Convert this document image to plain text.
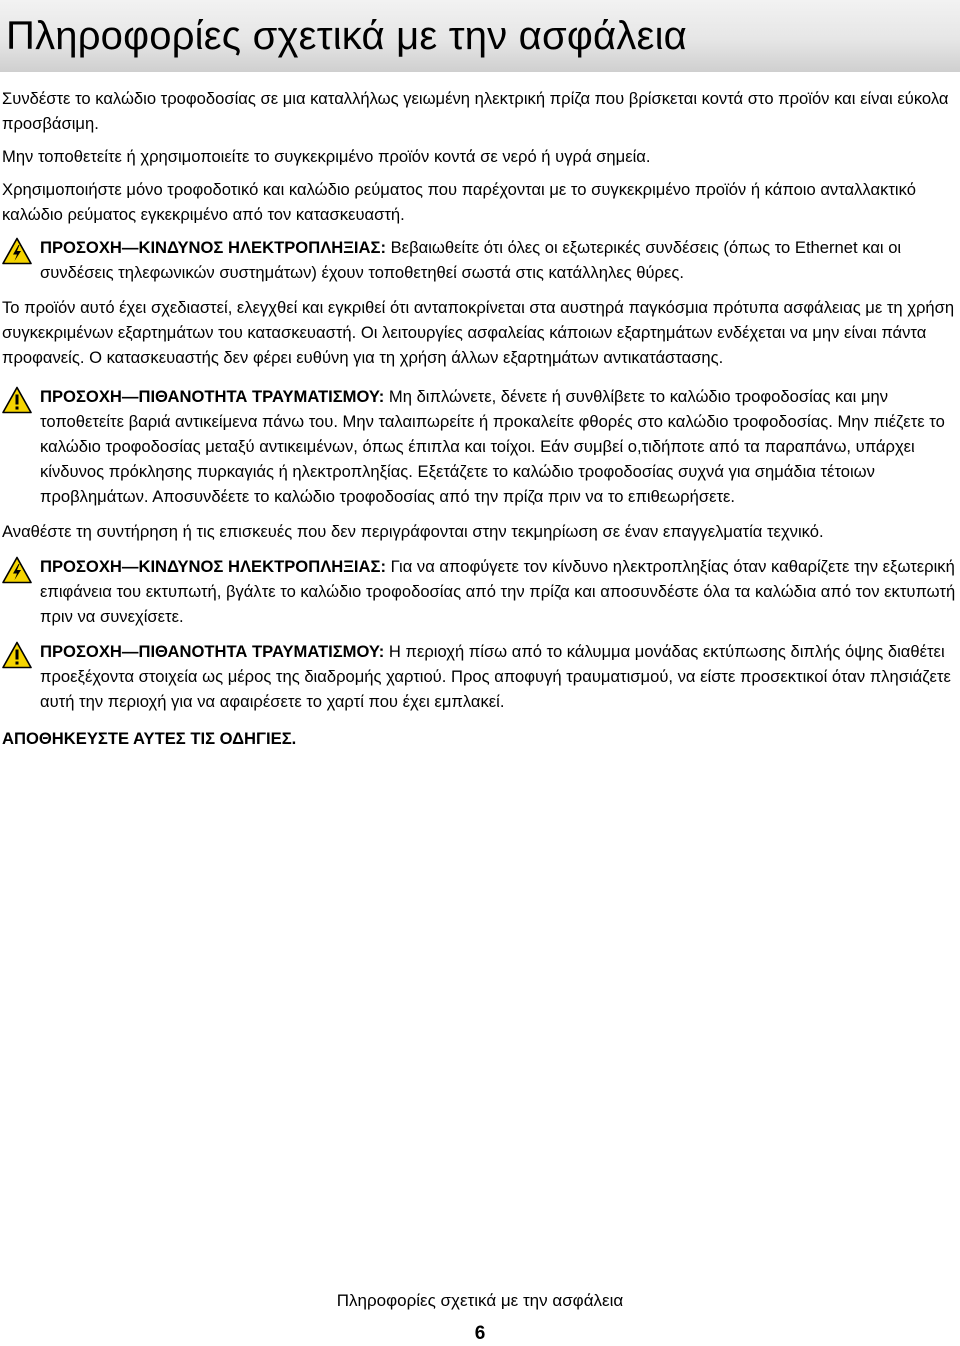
Πληροφορίες σχετικά με την ασφάλεια

Συνδέστε το καλώδιο τροφοδοσίας σε μια καταλλήλως γειωμένη ηλεκτρική πρίζα που βρίσκεται κοντά στο προϊόν και είναι εύκολα προσβάσιμη.

Μην τοποθετείτε ή χρησιμοποιείτε το συγκεκριμένο προϊόν κοντά σε νερό ή υγρά σημεία.

Χρησιμοποιήστε μόνο τροφοδοτικό και καλώδιο ρεύματος που παρέχονται με το συγκεκριμένο προϊόν ή κάποιο ανταλλακτικό καλώδιο ρεύματος εγκεκριμένο από τον κατασκευαστή.

ΠΡΟΣΟΧΗ—ΚΙΝΔΥΝΟΣ ΗΛΕΚΤΡΟΠΛΗΞΙΑΣ: Βεβαιωθείτε ότι όλες οι εξωτερικές συνδέσεις (όπως το Ethernet και οι συνδέσεις τηλεφωνικών συστημάτων) έχουν τοποθετηθεί σωστά στις κατάλληλες θύρες.

Το προϊόν αυτό έχει σχεδιαστεί, ελεγχθεί και εγκριθεί ότι ανταποκρίνεται στα αυστηρά παγκόσμια πρότυπα ασφάλειας με τη χρήση συγκεκριμένων εξαρτημάτων του κατασκευαστή. Οι λειτουργίες ασφαλείας κάποιων εξαρτημάτων ενδέχεται να μην είναι πάντα προφανείς. Ο κατασκευαστής δεν φέρει ευθύνη για τη χρήση άλλων εξαρτημάτων αντικατάστασης.

ΠΡΟΣΟΧΗ—ΠΙΘΑΝΟΤΗΤΑ ΤΡΑΥΜΑΤΙΣΜΟΥ: Μη διπλώνετε, δένετε ή συνθλίβετε το καλώδιο τροφοδοσίας και μην τοποθετείτε βαριά αντικείμενα πάνω του. Μην ταλαιπωρείτε ή προκαλείτε φθορές στο καλώδιο τροφοδοσίας. Μην πιέζετε το καλώδιο τροφοδοσίας μεταξύ αντικειμένων, όπως έπιπλα και τοίχοι. Εάν συμβεί ο,τιδήποτε από τα παραπάνω, υπάρχει κίνδυνος πρόκλησης πυρκαγιάς ή ηλεκτροπληξίας. Εξετάζετε το καλώδιο τροφοδοσίας συχνά για σημάδια τέτοιων προβλημάτων. Αποσυνδέετε το καλώδιο τροφοδοσίας από την πρίζα πριν να το επιθεωρήσετε.

Αναθέστε τη συντήρηση ή τις επισκευές που δεν περιγράφονται στην τεκμηρίωση σε έναν επαγγελματία τεχνικό.

ΠΡΟΣΟΧΗ—ΚΙΝΔΥΝΟΣ ΗΛΕΚΤΡΟΠΛΗΞΙΑΣ: Για να αποφύγετε τον κίνδυνο ηλεκτροπληξίας όταν καθαρίζετε την εξωτερική επιφάνεια του εκτυπωτή, βγάλτε το καλώδιο τροφοδοσίας από την πρίζα και αποσυνδέστε όλα τα καλώδια από τον εκτυπωτή πριν να συνεχίσετε.
ΠΡΟΣΟΧΗ—ΠΙΘΑΝΟΤΗΤΑ ΤΡΑΥΜΑΤΙΣΜΟΥ: Η περιοχή πίσω από το κάλυμμα μονάδας εκτύπωσης διπλής όψης διαθέτει προεξέχοντα στοιχεία ως μέρος της διαδρομής χαρτιού. Προς αποφυγή τραυματισμού, να είστε προσεκτικοί όταν πλησιάζετε αυτή την περιοχή για να αφαιρέσετε το χαρτί που έχει εμπλακεί.

ΑΠΟΘΗΚΕΥΣΤΕ ΑΥΤΕΣ ΤΙΣ ΟΔΗΓΙΕΣ.

Πληροφορίες σχετικά με την ασφάλεια
6
